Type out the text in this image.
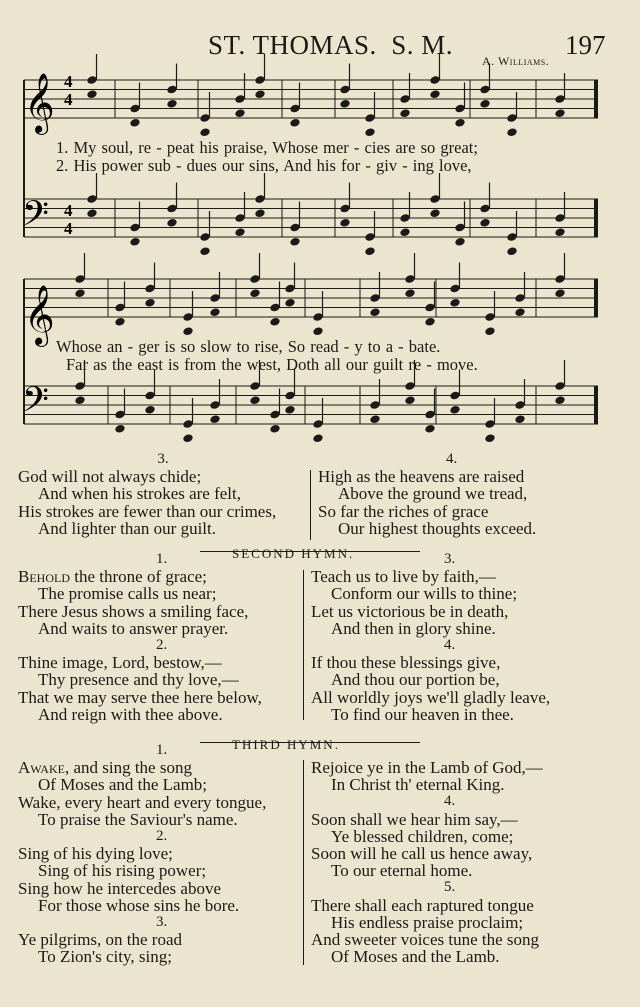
ST. THOMAS. S. M.	197
A. Williams.
𝄞
𝄢
𝄞
𝄢
4
4
4
4
1. My soul, re - peat his praise, Whose mer - cies are so great;
2. His power sub - dues our sins, And his for - giv - ing love,
Whose an - ger is so slow to rise, So read - y to a - bate.
Far as the east is from the west, Doth all our guilt re - move.
3.
God will not always chide;
And when his strokes are felt,
His strokes are fewer than our crimes,
And lighter than our guilt.
4.
High as the heavens are raised
Above the ground we tread,
So far the riches of grace
Our highest thoughts exceed.
SECOND HYMN.
1.
Behold the throne of grace;
The promise calls us near;
There Jesus shows a smiling face,
And waits to answer prayer.
2.
Thine image, Lord, bestow,—
Thy presence and thy love,—
That we may serve thee here below,
And reign with thee above.
3.
Teach us to live by faith,—
Conform our wills to thine;
Let us victorious be in death,
And then in glory shine.
4.
If thou these blessings give,
And thou our portion be,
All worldly joys we'll gladly leave,
To find our heaven in thee.
THIRD HYMN.
1.
Awake, and sing the song
Of Moses and the Lamb;
Wake, every heart and every tongue,
To praise the Saviour's name.
2.
Sing of his dying love;
Sing of his rising power;
Sing how he intercedes above
For those whose sins he bore.
3.
Ye pilgrims, on the road
To Zion's city, sing;
Rejoice ye in the Lamb of God,—
In Christ th' eternal King.
4.
Soon shall we hear him say,—
Ye blessed children, come;
Soon will he call us hence away,
To our eternal home.
5.
There shall each raptured tongue
His endless praise proclaim;
And sweeter voices tune the song
Of Moses and the Lamb.
